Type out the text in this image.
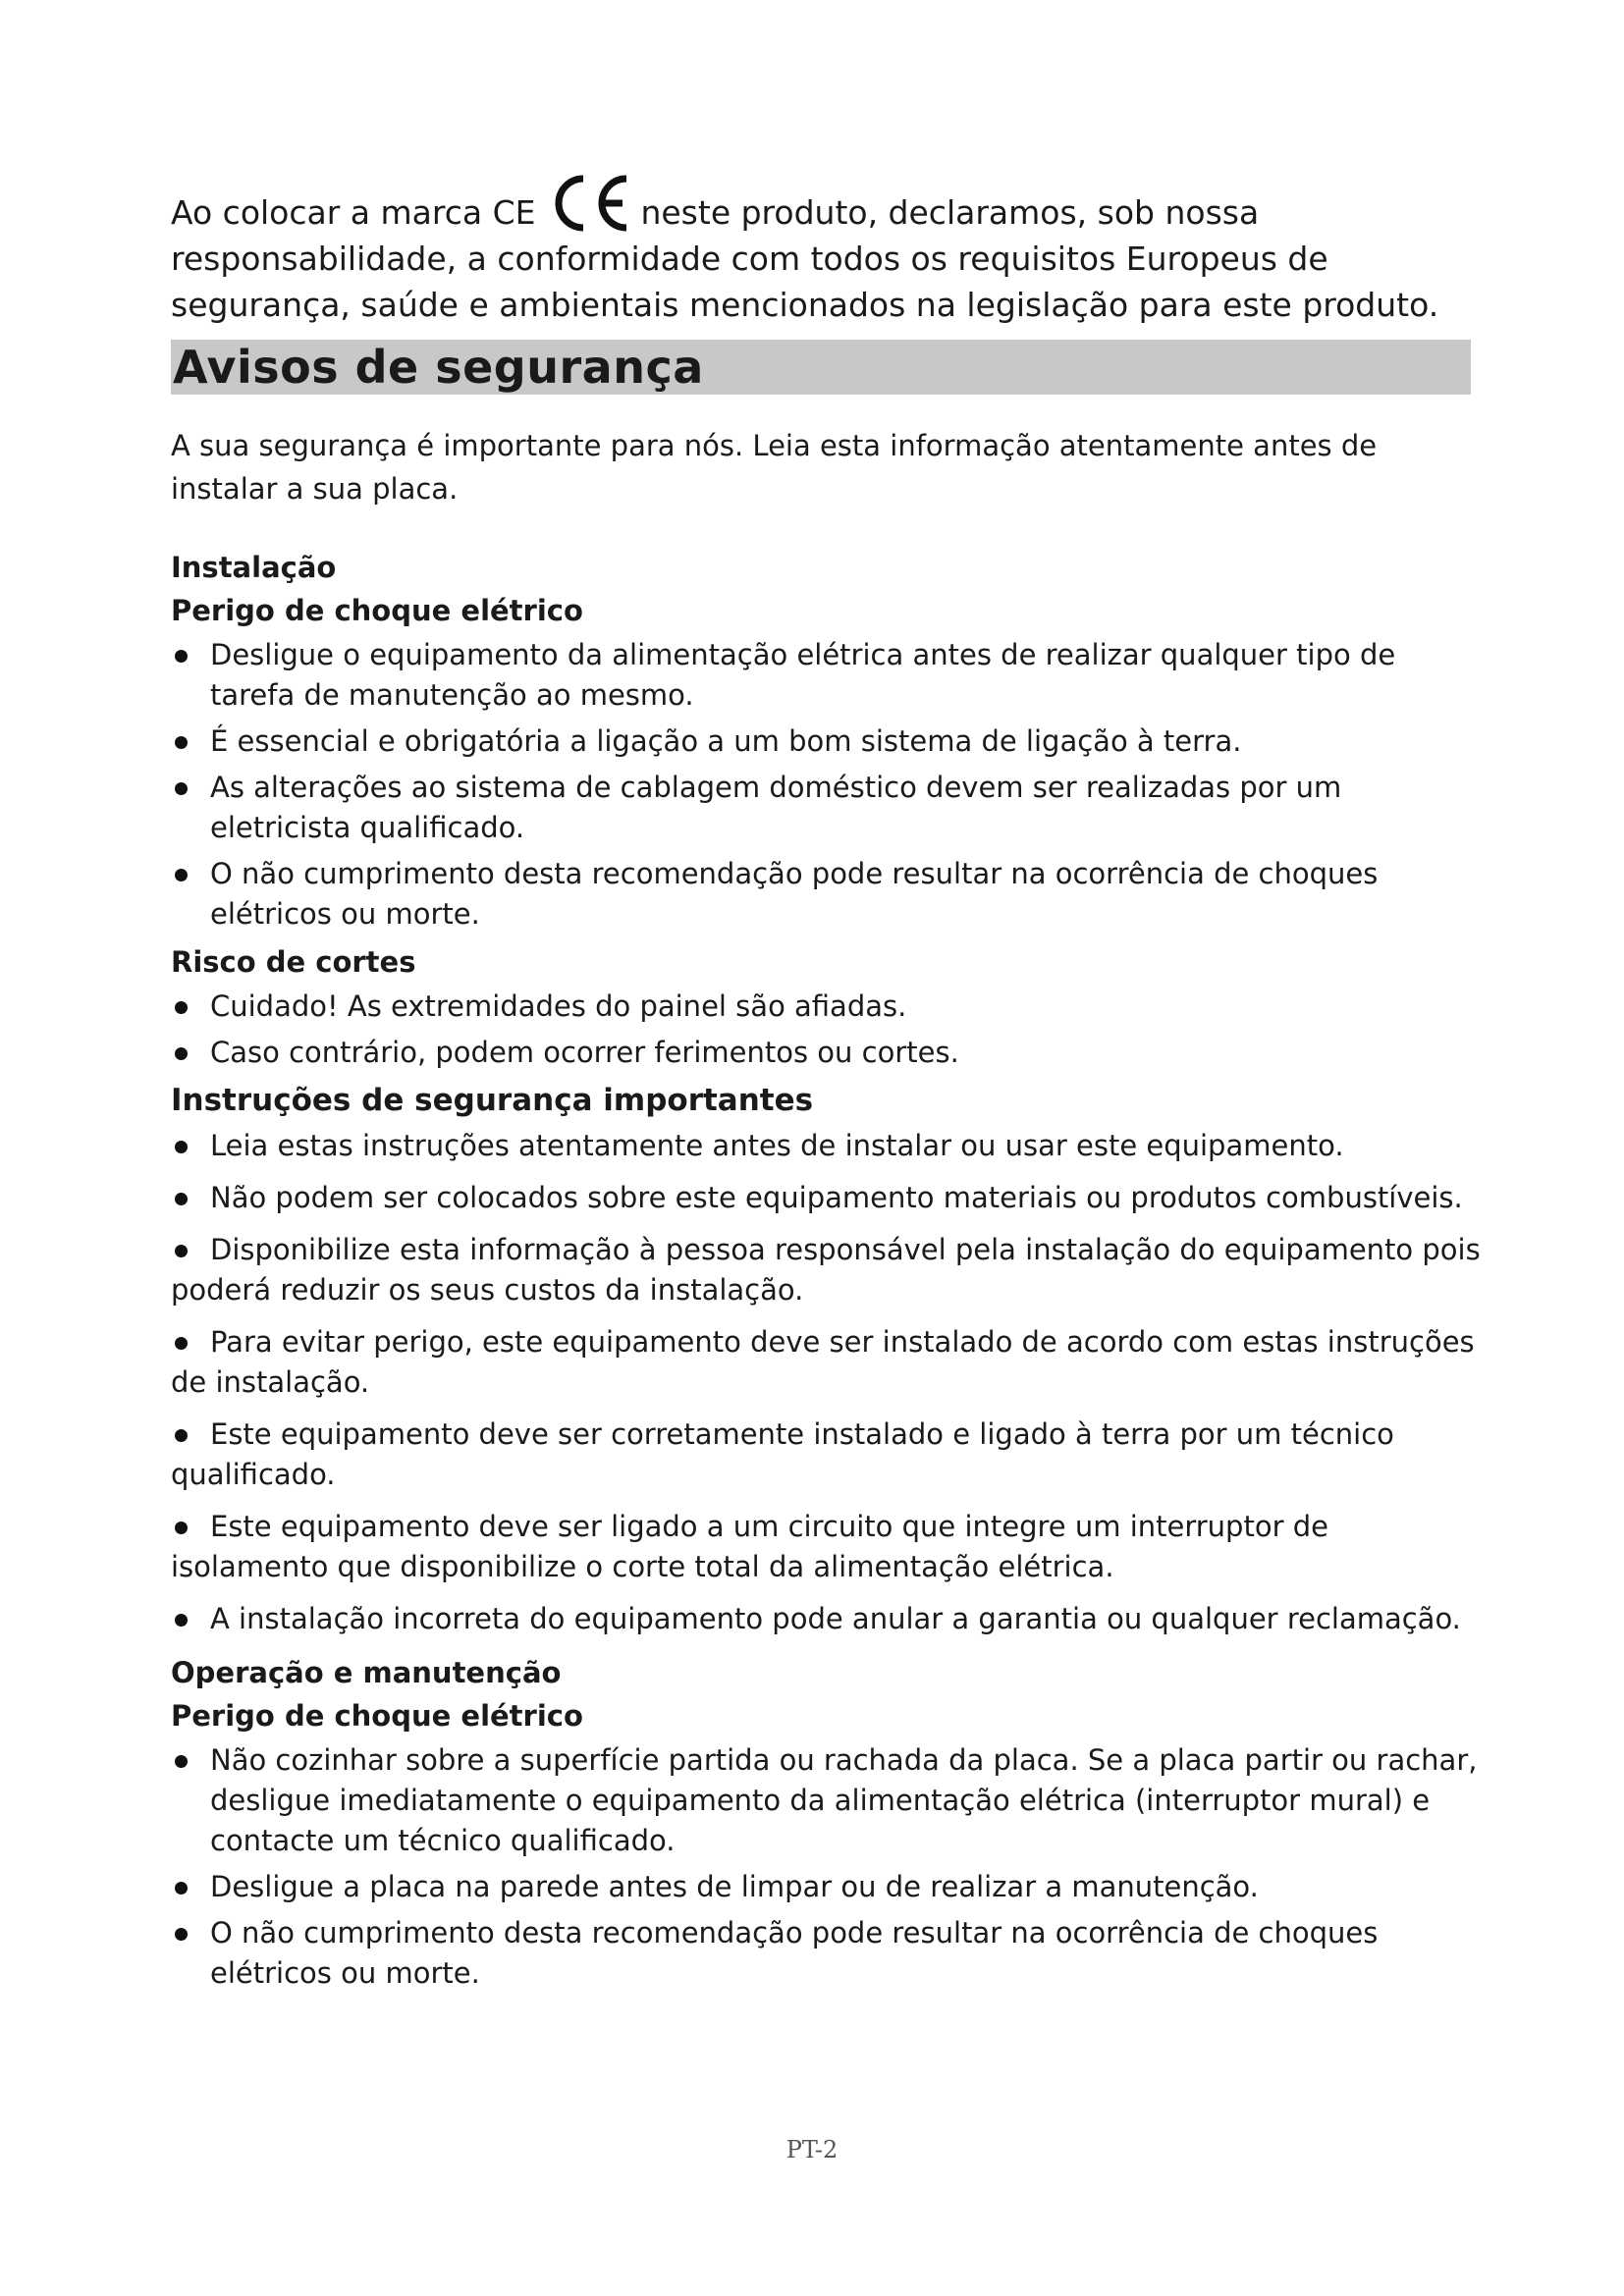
Ao colocar a marca CE	neste produto, declaramos, sob nossa responsabilidade, a conformidade com todos os requisitos Europeus de segurança, saúde e ambientais mencionados na legislação para este produto.

Avisos de segurança

A sua segurança é importante para nós. Leia esta informação atentamente antes de instalar a sua placa.

Instalação

Perigo de choque elétrico

Desligue o equipamento da alimentação elétrica antes de realizar qualquer tipo de tarefa de manutenção ao mesmo.
É essencial e obrigatória a ligação a um bom sistema de ligação à terra.
As alterações ao sistema de cablagem doméstico devem ser realizadas por um eletricista qualificado.
O não cumprimento desta recomendação pode resultar na ocorrência de choques elétricos ou morte.

Risco de cortes

Cuidado! As extremidades do painel são afiadas.
Caso contrário, podem ocorrer ferimentos ou cortes.

Instruções de segurança importantes

Leia estas instruções atentamente antes de instalar ou usar este equipamento.
Não podem ser colocados sobre este equipamento materiais ou produtos combustíveis.
Disponibilize esta informação à pessoa responsável pela instalação do equipamento pois poderá reduzir os seus custos da instalação.
Para evitar perigo, este equipamento deve ser instalado de acordo com estas instruções de instalação.
Este equipamento deve ser corretamente instalado e ligado à terra por um técnico qualificado.
Este equipamento deve ser ligado a um circuito que integre um interruptor de isolamento que disponibilize o corte total da alimentação elétrica.
A instalação incorreta do equipamento pode anular a garantia ou qualquer reclamação.

Operação e manutenção

Perigo de choque elétrico

Não cozinhar sobre a superfície partida ou rachada da placa. Se a placa partir ou rachar, desligue imediatamente o equipamento da alimentação elétrica (interruptor mural) e contacte um técnico qualificado.
Desligue a placa na parede antes de limpar ou de realizar a manutenção.
O não cumprimento desta recomendação pode resultar na ocorrência de choques elétricos ou morte.
PT-2
